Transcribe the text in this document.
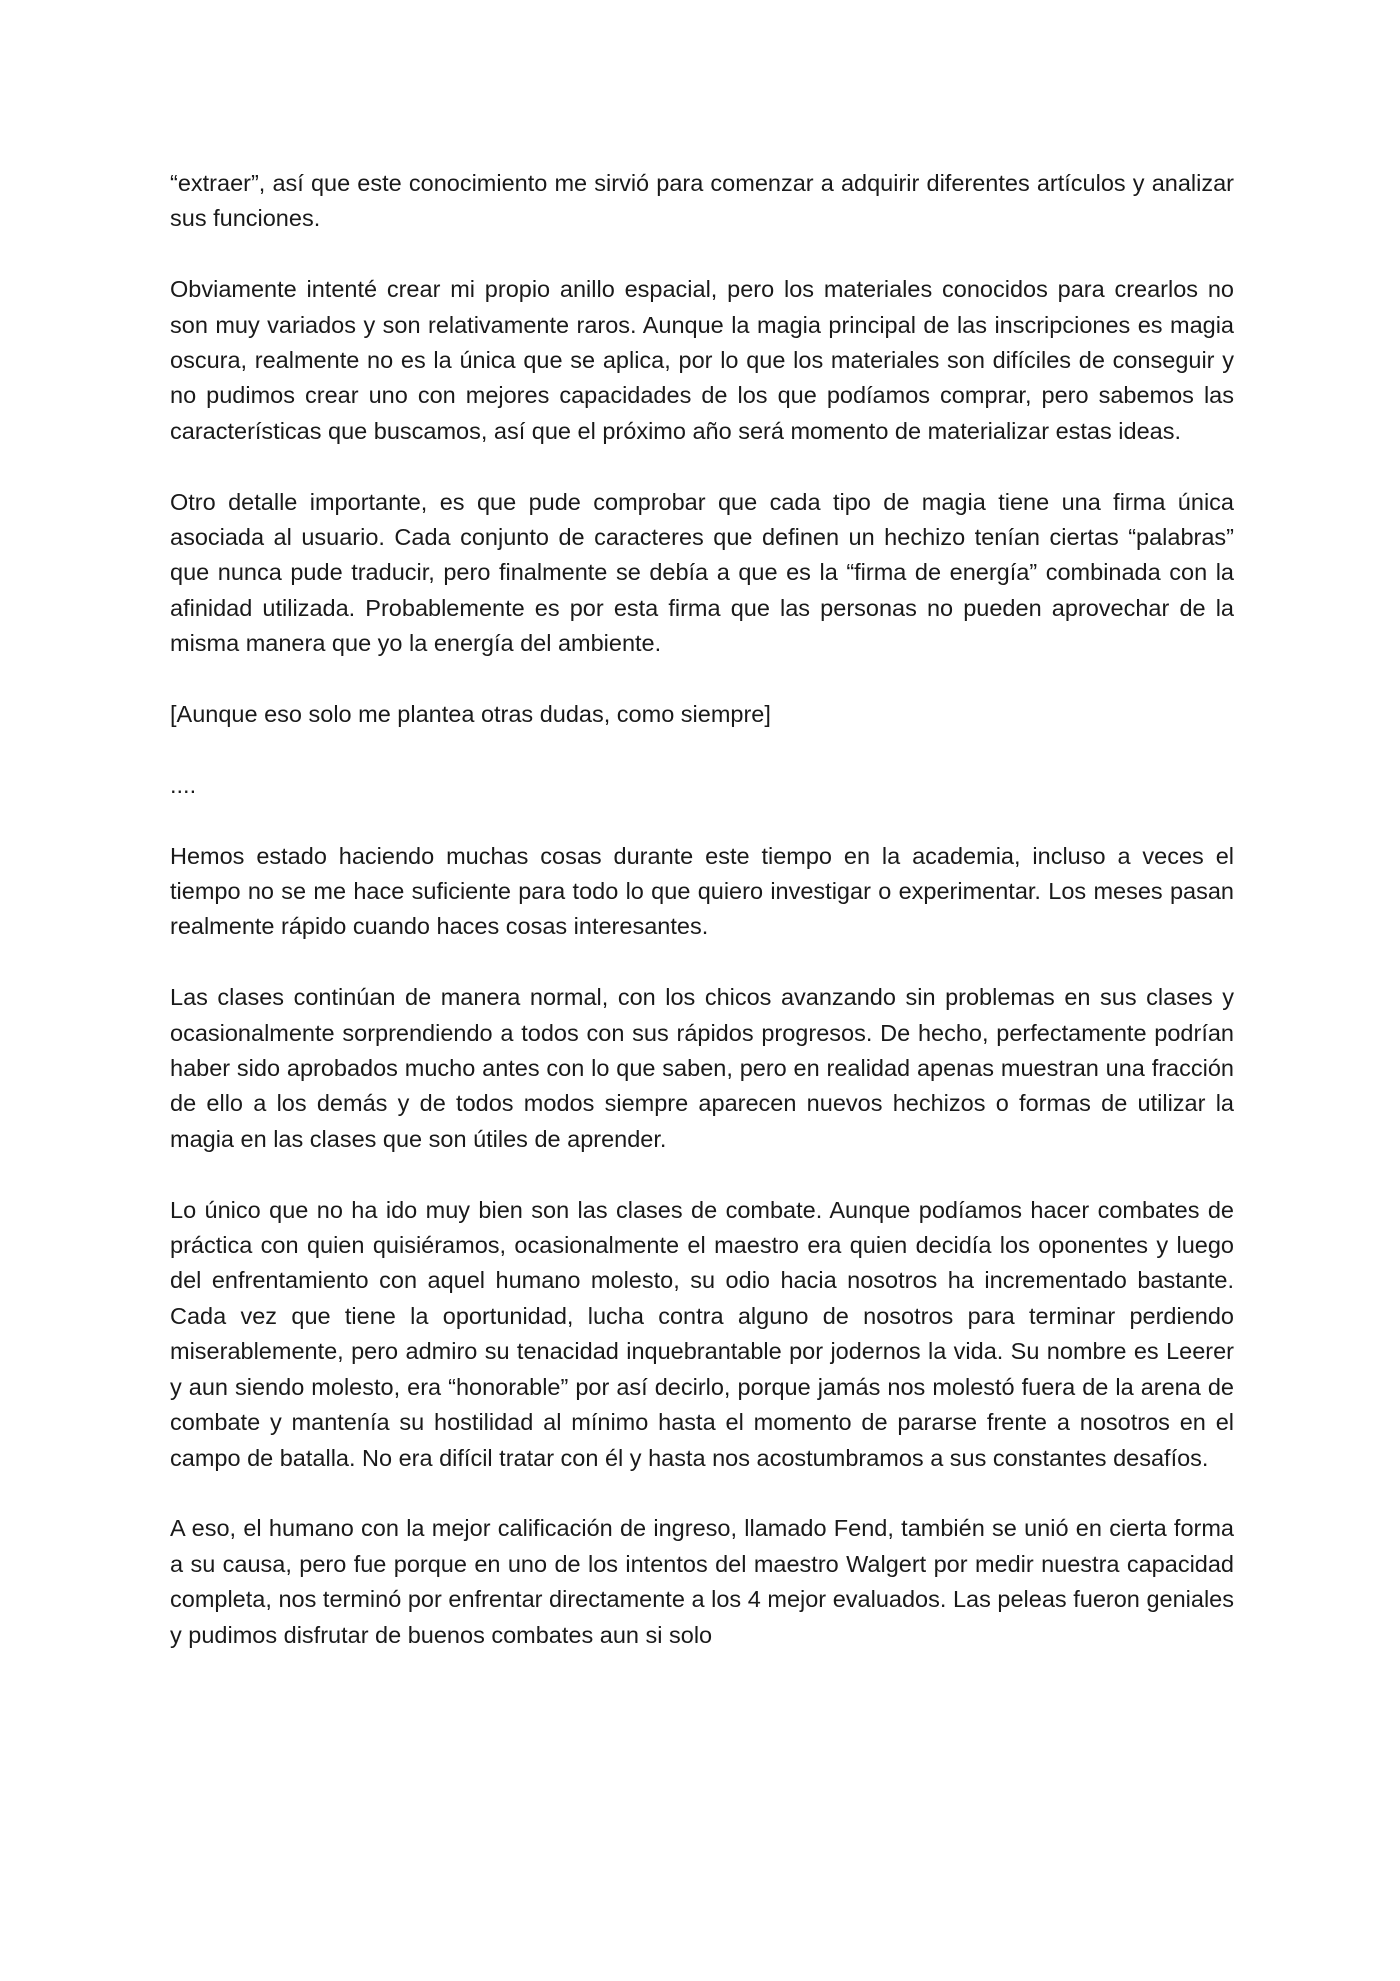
“extraer”, así que este conocimiento me sirvió para comenzar a adquirir diferentes artículos y analizar sus funciones.

Obviamente intenté crear mi propio anillo espacial, pero los materiales conocidos para crearlos no son muy variados y son relativamente raros. Aunque la magia principal de las inscripciones es magia oscura, realmente no es la única que se aplica, por lo que los materiales son difíciles de conseguir y no pudimos crear uno con mejores capacidades de los que podíamos comprar, pero sabemos las características que buscamos, así que el próximo año será momento de materializar estas ideas.

Otro detalle importante, es que pude comprobar que cada tipo de magia tiene una firma única asociada al usuario. Cada conjunto de caracteres que definen un hechizo tenían ciertas “palabras” que nunca pude traducir, pero finalmente se debía a que es la “firma de energía” combinada con la afinidad utilizada. Probablemente es por esta firma que las personas no pueden aprovechar de la misma manera que yo la energía del ambiente.

[Aunque eso solo me plantea otras dudas, como siempre]

....

Hemos estado haciendo muchas cosas durante este tiempo en la academia, incluso a veces el tiempo no se me hace suficiente para todo lo que quiero investigar o experimentar. Los meses pasan realmente rápido cuando haces cosas interesantes.

Las clases continúan de manera normal, con los chicos avanzando sin problemas en sus clases y ocasionalmente sorprendiendo a todos con sus rápidos progresos. De hecho, perfectamente podrían haber sido aprobados mucho antes con lo que saben, pero en realidad apenas muestran una fracción de ello a los demás y de todos modos siempre aparecen nuevos hechizos o formas de utilizar la magia en las clases que son útiles de aprender.

Lo único que no ha ido muy bien son las clases de combate. Aunque podíamos hacer combates de práctica con quien quisiéramos, ocasionalmente el maestro era quien decidía los oponentes y luego del enfrentamiento con aquel humano molesto, su odio hacia nosotros ha incrementado bastante. Cada vez que tiene la oportunidad, lucha contra alguno de nosotros para terminar perdiendo miserablemente, pero admiro su tenacidad inquebrantable por jodernos la vida. Su nombre es Leerer y aun siendo molesto, era “honorable” por así decirlo, porque jamás nos molestó fuera de la arena de combate y mantenía su hostilidad al mínimo hasta el momento de pararse frente a nosotros en el campo de batalla. No era difícil tratar con él y hasta nos acostumbramos a sus constantes desafíos.

A eso, el humano con la mejor calificación de ingreso, llamado Fend, también se unió en cierta forma a su causa, pero fue porque en uno de los intentos del maestro Walgert por medir nuestra capacidad completa, nos terminó por enfrentar directamente a los 4 mejor evaluados. Las peleas fueron geniales y pudimos disfrutar de buenos combates aun si solo
